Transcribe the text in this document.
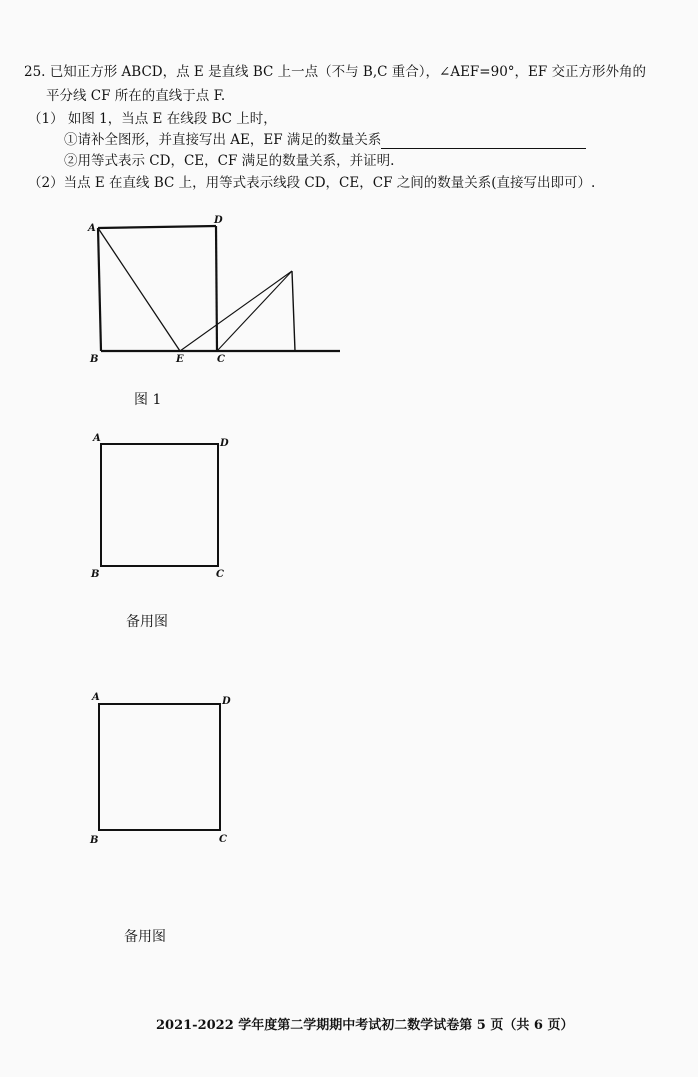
25. 已知正方形 ABCD，点 E 是直线 BC 上一点（不与 B,C 重合），∠AEF=90°，EF 交正方形外角的
平分线 CF 所在的直线于点 F.
（1） 如图 1，当点 E 在线段 BC 上时，
①请补全图形，并直接写出 AE，EF 满足的数量关系
②用等式表示 CD，CE，CF 满足的数量关系，并证明.
（2）当点 E 在直线 BC 上，用等式表示线段 CD，CE，CF 之间的数量关系(直接写出即可）.
A
D
B	E	C
A	D
B	C
A	D
B	C
图 1
备用图
备用图
2021-2022 学年度第二学期期中考试初二数学试卷第 5 页（共 6 页）
